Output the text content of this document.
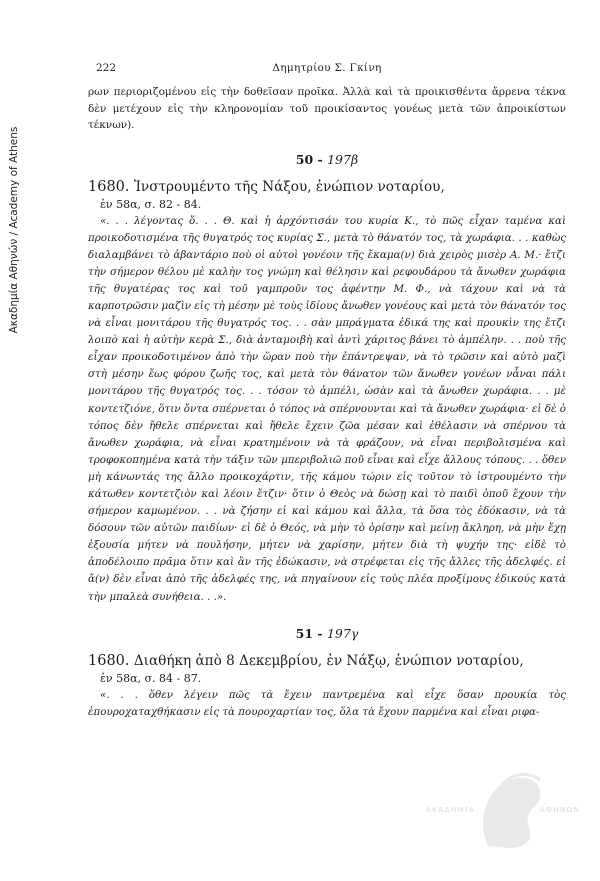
Ακαδημία Αθηνών / Academy of Athens
222	Δημητρίου Σ. Γκίνη

ρων περιοριζομένου εἰς τὴν δοθεῖσαν προῖκα. Ἀλλὰ καὶ τὰ προικισθέντα ἄρρενα τέκνα δὲν μετέχουν εἰς τὴν κληρονομίαν τοῦ προικίσαντος γονέως μετὰ τῶν ἀπροικίστων τέκνων).

50 - 197β

1680. Ἰνστρουμέντο τῆς Νάξου, ἐνώπιον νοταρίου,

ἐν 58α, σ. 82 - 84.

«. . . λέγοντας ὅ. . . Θ. καὶ ἡ ἀρχόντισάν του κυρία Κ., τὸ πῶς εἶχαν ταμένα καὶ προικοδοτισμένα τῆς θυγατρός τος κυρίας Σ., μετὰ τὸ θάνατόν τος, τὰ χωράφια. . . καθὼς διαλαμβάνει τὸ ἀβαντάριο ποὺ οἱ αὐτοὶ γονέοιν τῆς ἔκαμα(ν) διὰ χειρὸς μισὲρ Α. Μ.· ἔτζι τὴν σήμερον θέλου μὲ καλὴν τος γνώμη καὶ θέλησιν καὶ ρεφουδάρου τὰ ἄνωθεν χωράφια τῆς θυγατέρας τος καὶ τοῦ γαμπροῦν τος ἀφέντην Μ. Φ., νὰ τάχουν καὶ νὰ τὰ καρποτρῶσιν μαζὶν εἰς τὴ μέσην μὲ τοὺς ἰδίους ἄνωθεν γονέους καὶ μετὰ τὸν θάνατόν τος νὰ εἶναι μονιτάρου τῆς θυγατρός τος. . . σὰν μπράγματα ἐδικά της καὶ προυκὶν της ἔτζι λοιπὸ καὶ ἡ αὐτὴν κερὰ Σ., διὰ ἀνταμοιβὴ καὶ ἀντὶ χάριτος βάνει τὸ ἀμπέλην. . . ποὺ τῆς εἶχαν προικοδοτιμένον ἀπὸ τὴν ὥραν ποὺ τὴν ἐπάντρεψαν, νὰ τὸ τρῶσιν καὶ αὐτὸ μαζὶ στὴ μέσην ἕως φόρου ζωῆς τος, καὶ μετὰ τὸν θάνατον τῶν ἄνωθεν γονέων νἆναι πάλι μονιτάρου τῆς θυγατρός τος. . . τόσον τὸ ἀμπέλι, ὡσὰν καὶ τὰ ἄνωθεν χωράφια. . . μὲ κοντετζιόνε, ὅτιν ὄντα σπέρνεται ὁ τόπος νὰ σπέρνουνται καὶ τὰ ἄνωθεν χωράφια· εἰ δὲ ὁ τόπος δὲν ἤθελε σπέρνεται καὶ ἤθελε ἔχειν ζῶα μέσαν καὶ ἐθέλασιν νὰ σπέρνου τὰ ἄνωθεν χωράφια, νὰ εἶναι κρατημένοιν νὰ τὰ φράζουν, νὰ εἶναι περιβολισμένα καὶ τροφοκοπημένα κατὰ τὴν τάξιν τῶν μπεριβολιῶ ποῦ εἶναι καὶ εἶχε ἄλλους τόπους. . . ὅθεν μὴ κάνωντάς της ἄλλο προικοχάρτιν, τῆς κάμου τώριν εἰς τοῦτον τὸ ἰστρουμέντο τὴν κάτωθεν κοντετζιὸν καὶ λέοιν ἔτζιν· ὅτιν ὁ Θεὸς νὰ δώσῃ καὶ τὸ παιδὶ ὁποῦ ἔχουν τὴν σήμερον καμωμένον. . . νὰ ζήσην εἰ καὶ κάμου καὶ ἄλλα, τὰ ὅσα τὸς ἐδόκασιν, νὰ τὰ δόσουν τῶν αὐτῶν παιδίων· εἰ δὲ ὁ Θεός, νὰ μὴν τὸ ὁρίσην καὶ μείνῃ ἄκληρη, νὰ μὴν ἔχῃ ἐξουσία μήτεν νὰ πουλήσην, μήτεν νὰ χαρίσην, μήτεν διὰ τὴ ψυχήν της· εἰδὲ τὸ ἀποδέλοιπο πρᾶμα ὅτιν καὶ ἂν τῆς ἐδώκασιν, νὰ στρέφεται εἰς τῆς ἄλλες τῆς ἀδελφές. εἰ ἄ(ν) δὲν εἶναι ἀπὸ τῆς ἀδελφές της, νὰ πηγαίνουν εἰς τοὺς πλέα προξίμους ἐδικούς κατὰ τὴν μπαλεὰ συνήθεια. . .».

51 - 197γ

1680. Διαθήκη ἀπὸ 8 Δεκεμβρίου, ἐν Νάξῳ, ἐνώπιον νοταρίου,

ἐν 58α, σ. 84 - 87.

«. . . ὅθεν λέγειν πῶς τὰ ἔχειν παντρεμένα καὶ εἶχε ὅσαν προυκία τὸς ἐπουροχαταχθήκασιν εἰς τὰ πουροχαρτίαν τος, ὅλα τὰ ἔχουν παρμένα καὶ εἶναι ριφα-

ΑΚΑΔΗΜΙΑ	ΑΘΗΝΩΝ
